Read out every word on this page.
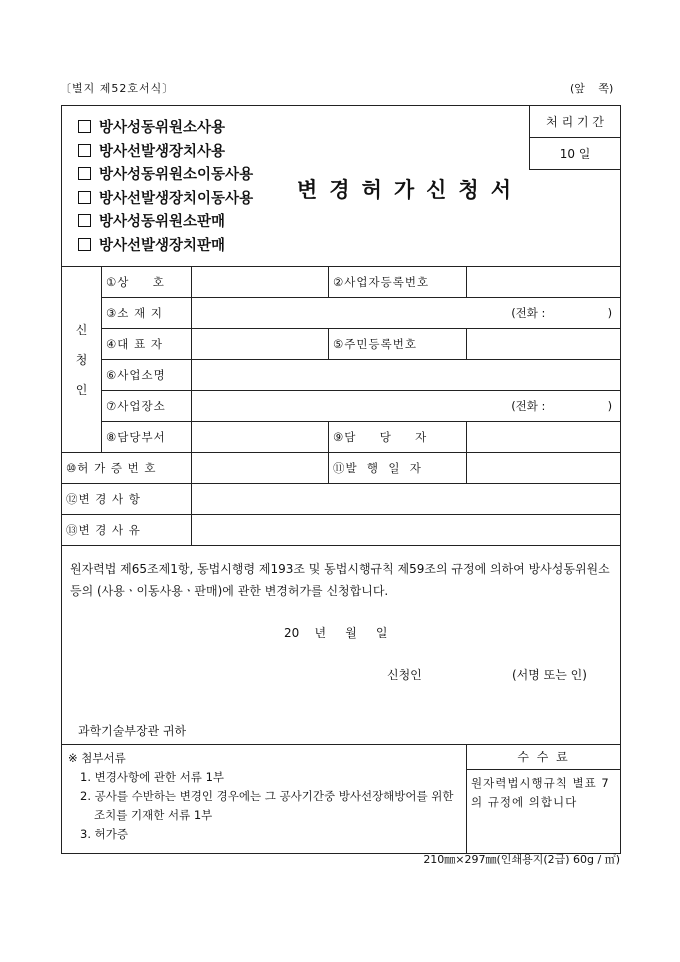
〔별지 제52호서식〕	(앞 쪽)
방사성동위원소사용
방사선발생장치사용
방사성동위원소이동사용
방사선발생장치이동사용
방사성동위원소판매
방사선발생장치판매
변경허가신청서
처 리 기 간
10 일

신
청
인
	①상     호		②사업자등록번호	
③소 재 지	(전화 :                 )
④대 표 자		⑤주민등록번호	
⑥사업소명	
⑦사업장소	(전화 :                 )
⑧담당부서		⑨담     당     자	
⑩허 가 증 번 호		⑪발  행  일  자	
⑫변 경 사 항	
⑬변 경 사 유	

원자력법 제65조제1항, 동법시행령 제193조 및 동법시행규칙 제59조의 규정에 의하여 방사성동위원소등의 (사용ㆍ이동사용ㆍ판매)에 관한 변경허가를 신청합니다.
20    년     월     일
신청인	(서명 또는 인)
과학기술부장관 귀하

※ 첨부서류
1. 변경사항에 관한 서류 1부
2. 공사를 수반하는 변경인 경우에는 그 공사기간중 방사선장해방어를 위한 조치를 기재한 서류 1부
3. 허가증

수 수 료
원자력법시행규칙 별표 7의 규정에 의합니다
210㎜×297㎜(인쇄용지(2급) 60g / ㎡)
